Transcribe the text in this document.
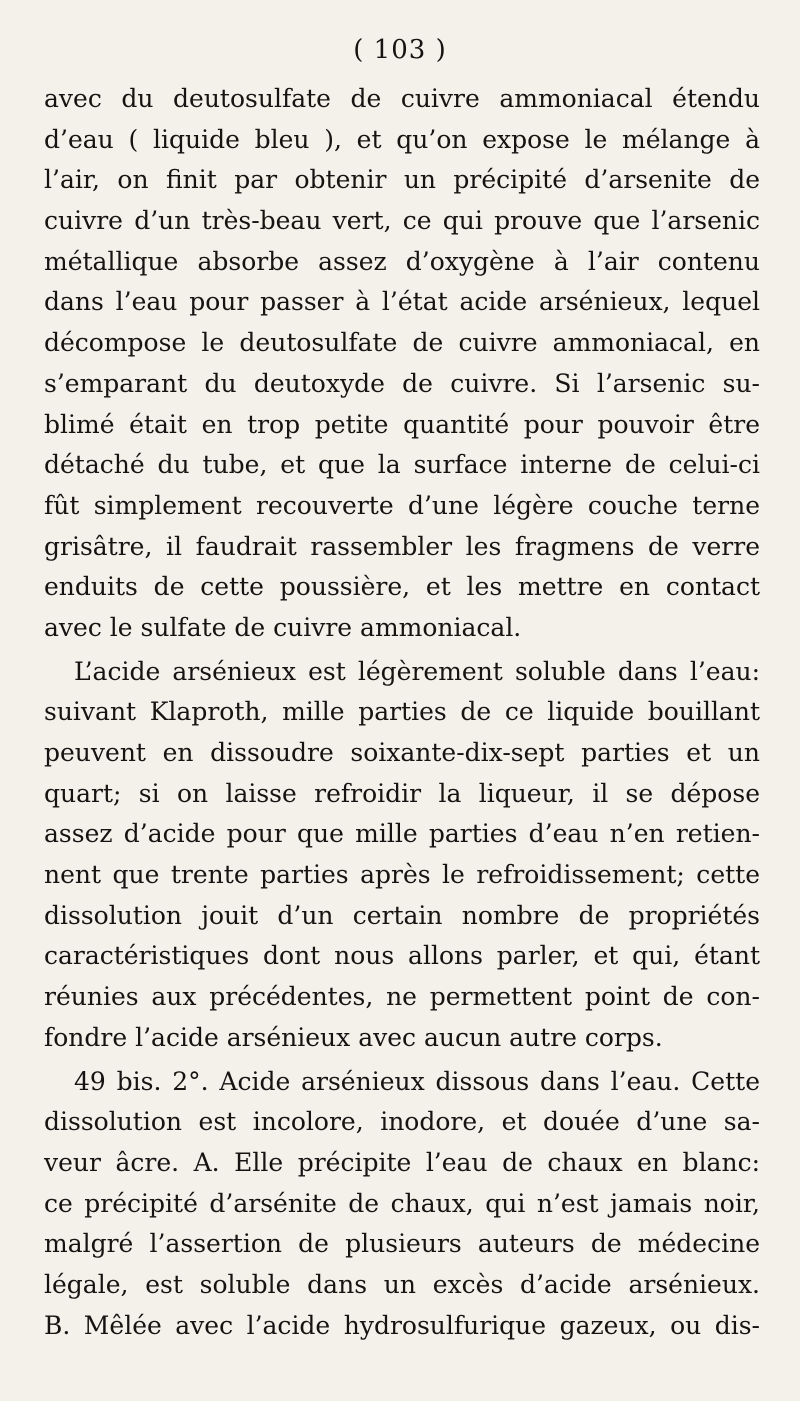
( 103 )
avec du deutosulfate de cuivre ammoniacal étendu
d’eau ( liquide bleu ), et qu’on expose le mélange à
l’air, on finit par obtenir un précipité d’arsenite de
cuivre d’un très-beau vert, ce qui prouve que l’arsenic
métallique absorbe assez d’oxygène à l’air contenu
dans l’eau pour passer à l’état acide arsénieux, lequel
décompose le deutosulfate de cuivre ammoniacal, en
s’emparant du deutoxyde de cuivre. Si l’arsenic su-
blimé était en trop petite quantité pour pouvoir être
détaché du tube, et que la surface interne de celui-ci
fût simplement recouverte d’une légère couche terne
grisâtre, il faudrait rassembler les fragmens de verre
enduits de cette poussière, et les mettre en contact
avec le sulfate de cuivre ammoniacal.
L’acide arsénieux est légèrement soluble dans l’eau:
suivant Klaproth, mille parties de ce liquide bouillant
peuvent en dissoudre soixante-dix-sept parties et un
quart; si on laisse refroidir la liqueur, il se dépose
assez d’acide pour que mille parties d’eau n’en retien-
nent que trente parties après le refroidissement; cette
dissolution jouit d’un certain nombre de propriétés
caractéristiques dont nous allons parler, et qui, étant
réunies aux précédentes, ne permettent point de con-
fondre l’acide arsénieux avec aucun autre corps.
49 bis. 2°. Acide arsénieux dissous dans l’eau. Cette
dissolution est incolore, inodore, et douée d’une sa-
veur âcre. A. Elle précipite l’eau de chaux en blanc:
ce précipité d’arsénite de chaux, qui n’est jamais noir,
malgré l’assertion de plusieurs auteurs de médecine
légale, est soluble dans un excès d’acide arsénieux.
B. Mêlée avec l’acide hydrosulfurique gazeux, ou dis-
